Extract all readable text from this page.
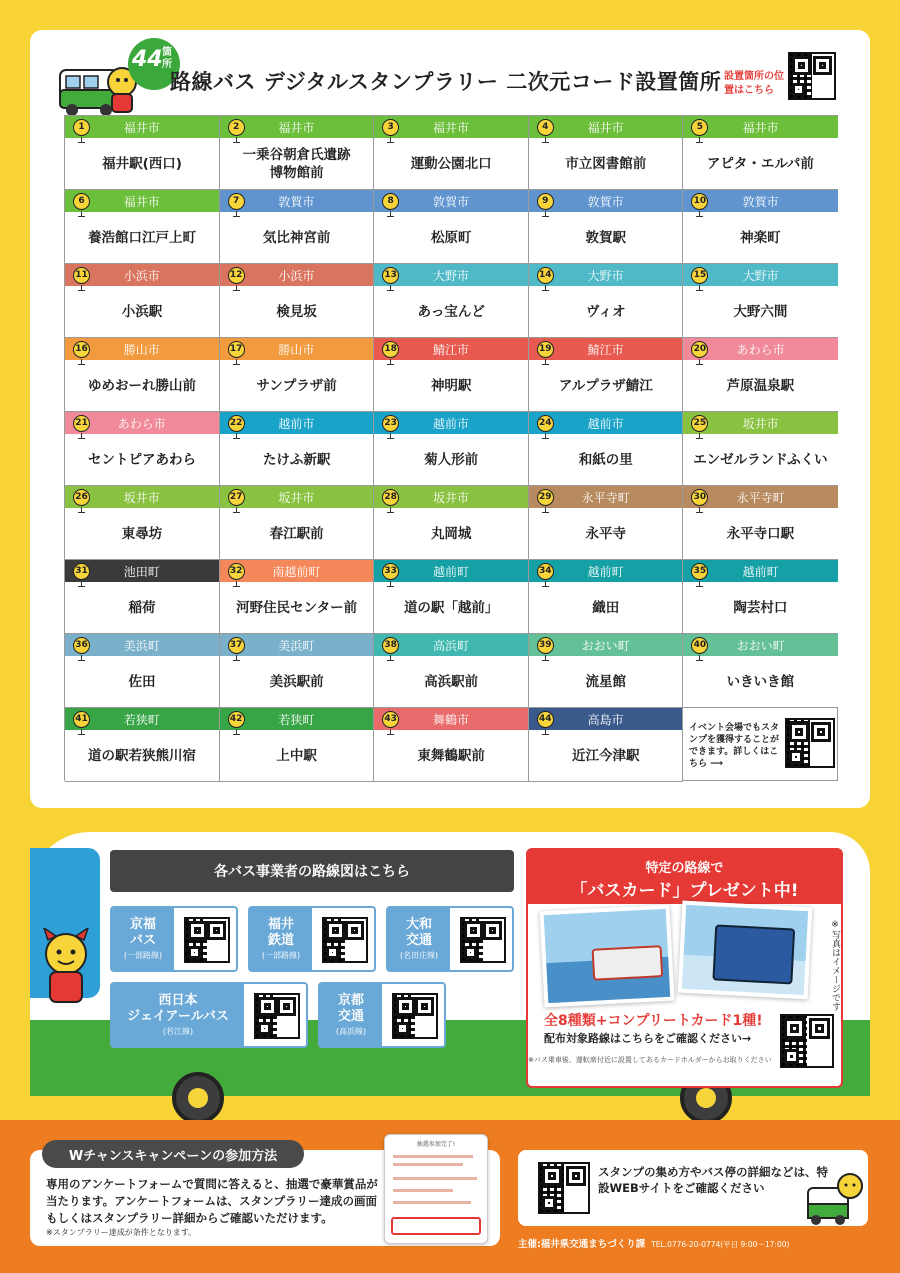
44 箇所
路線バス デジタルスタンプラリー 二次元コード設置箇所 設置箇所の位置はこちら
イベント会場でもスタンプを獲得することができます。詳しくはこちら ⟶
福井市
1
福井駅(西口)
福井市
2
一乗谷朝倉氏遺跡
博物館前
福井市
3
運動公園北口
福井市
4
市立図書館前
福井市
5
アピタ・エルパ前
福井市
6
養浩館口江戸上町
敦賀市
7
気比神宮前
敦賀市
8
松原町
敦賀市
9
敦賀駅
敦賀市
10
神楽町
小浜市
11
小浜駅
小浜市
12
検見坂
大野市
13
あっ宝んど
大野市
14
ヴィオ
大野市
15
大野六間
勝山市
16
ゆめおーれ勝山前
勝山市
17
サンプラザ前
鯖江市
18
神明駅
鯖江市
19
アルプラザ鯖江
あわら市
20
芦原温泉駅
あわら市
21
セントピアあわら
越前市
22
たけふ新駅
越前市
23
菊人形前
越前市
24
和紙の里
坂井市
25
エンゼルランドふくい
坂井市
26
東尋坊
坂井市
27
春江駅前
坂井市
28
丸岡城
永平寺町
29
永平寺
永平寺町
30
永平寺口駅
池田町
31
稲荷
南越前町
32
河野住民センター前
越前町
33
道の駅「越前」
越前町
34
織田
越前町
35
陶芸村口
美浜町
36
佐田
美浜町
37
美浜駅前
高浜町
38
高浜駅前
おおい町
39
流星館
おおい町
40
いきいき館
若狭町
41
道の駅若狭熊川宿
若狭町
42
上中駅
舞鶴市
43
東舞鶴駅前
高島市
44
近江今津駅
各バス事業者の路線図はこちら
京福
バス
(一部路線)
福井
鉄道
(一部路線)
大和
交通
(名田庄線)
西日本
ジェイアールバス
(若江線)
京都
交通
(高浜線)
特定の路線で
「バスカード」プレゼント中!
※写真はイメージです
全8種類+コンプリートカード1種!
配布対象路線はこちらをご確認ください→
※バス乗車後、運転席付近に設置してあるカードホルダーからお取りください
Wチャンスキャンペーンの参加方法
専用のアンケートフォームで質問に答えると、抽選で豪華賞品が当たります。アンケートフォームは、スタンプラリー達成の画面もしくはスタンプラリー詳細からご確認いただけます。
※スタンプラリー達成が条件となります。
抽選参加完了!
スタンプの集め方やバス停の詳細などは、特設WEBサイトをご確認ください
主催:福井県交通まちづくり課 TEL.0776-20-0774(平日 9:00〜17:00)
